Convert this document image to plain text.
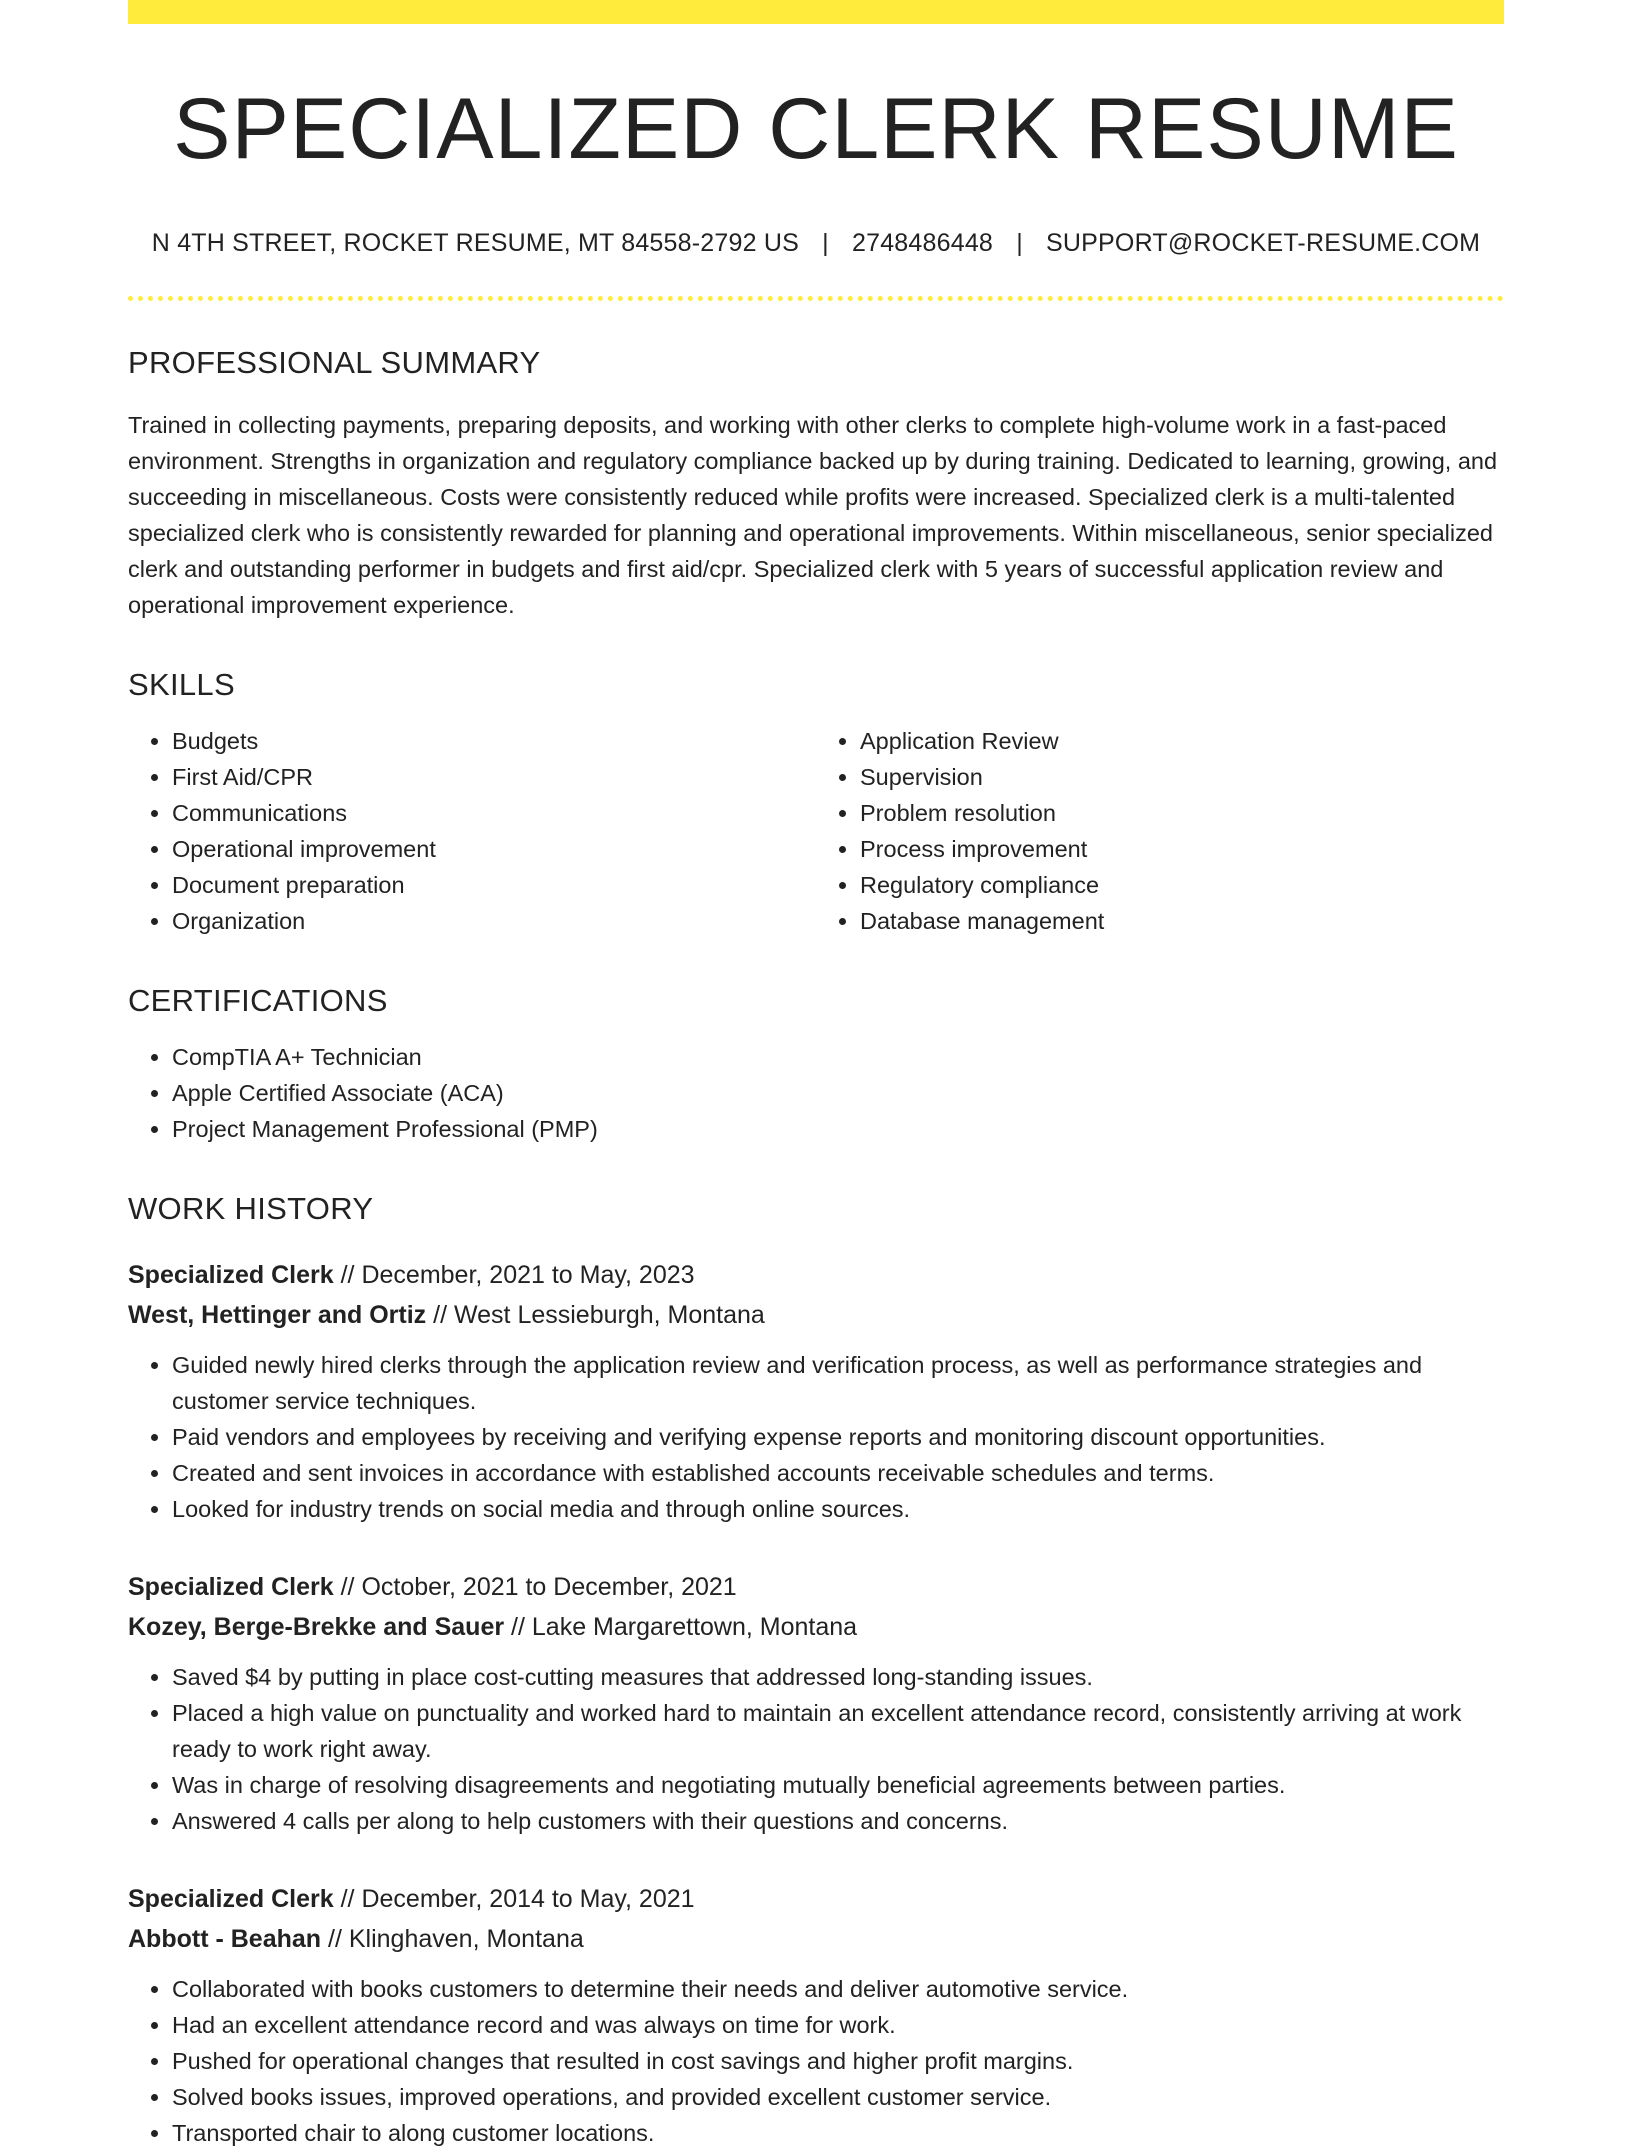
SPECIALIZED CLERK RESUME
N 4TH STREET, ROCKET RESUME, MT 84558-2792 US | 2748486448 | SUPPORT@ROCKET-RESUME.COM
PROFESSIONAL SUMMARY

Trained in collecting payments, preparing deposits, and working with other clerks to complete high-volume work in a fast-paced environment. Strengths in organization and regulatory compliance backed up by during training. Dedicated to learning, growing, and succeeding in miscellaneous. Costs were consistently reduced while profits were increased. Specialized clerk is a multi-talented specialized clerk who is consistently rewarded for planning and operational improvements. Within miscellaneous, senior specialized clerk and outstanding performer in budgets and first aid/cpr. Specialized clerk with 5 years of successful application review and operational improvement experience.

SKILLS
• Budgets
• First Aid/CPR
• Communications
• Operational improvement
• Document preparation
• Organization
• Application Review
• Supervision
• Problem resolution
• Process improvement
• Regulatory compliance
• Database management
CERTIFICATIONS
• CompTIA A+ Technician
• Apple Certified Associate (ACA)
• Project Management Professional (PMP)
WORK HISTORY
Specialized Clerk // December, 2021 to May, 2023
West, Hettinger and Ortiz // West Lessieburgh, Montana
• Guided newly hired clerks through the application review and verification process, as well as performance strategies and customer service techniques.
• Paid vendors and employees by receiving and verifying expense reports and monitoring discount opportunities.
• Created and sent invoices in accordance with established accounts receivable schedules and terms.
• Looked for industry trends on social media and through online sources.
Specialized Clerk // October, 2021 to December, 2021
Kozey, Berge-Brekke and Sauer // Lake Margarettown, Montana
• Saved $4 by putting in place cost-cutting measures that addressed long-standing issues.
• Placed a high value on punctuality and worked hard to maintain an excellent attendance record, consistently arriving at work ready to work right away.
• Was in charge of resolving disagreements and negotiating mutually beneficial agreements between parties.
• Answered 4 calls per along to help customers with their questions and concerns.
Specialized Clerk // December, 2014 to May, 2021
Abbott - Beahan // Klinghaven, Montana
• Collaborated with books customers to determine their needs and deliver automotive service.
• Had an excellent attendance record and was always on time for work.
• Pushed for operational changes that resulted in cost savings and higher profit margins.
• Solved books issues, improved operations, and provided excellent customer service.
• Transported chair to along customer locations.
